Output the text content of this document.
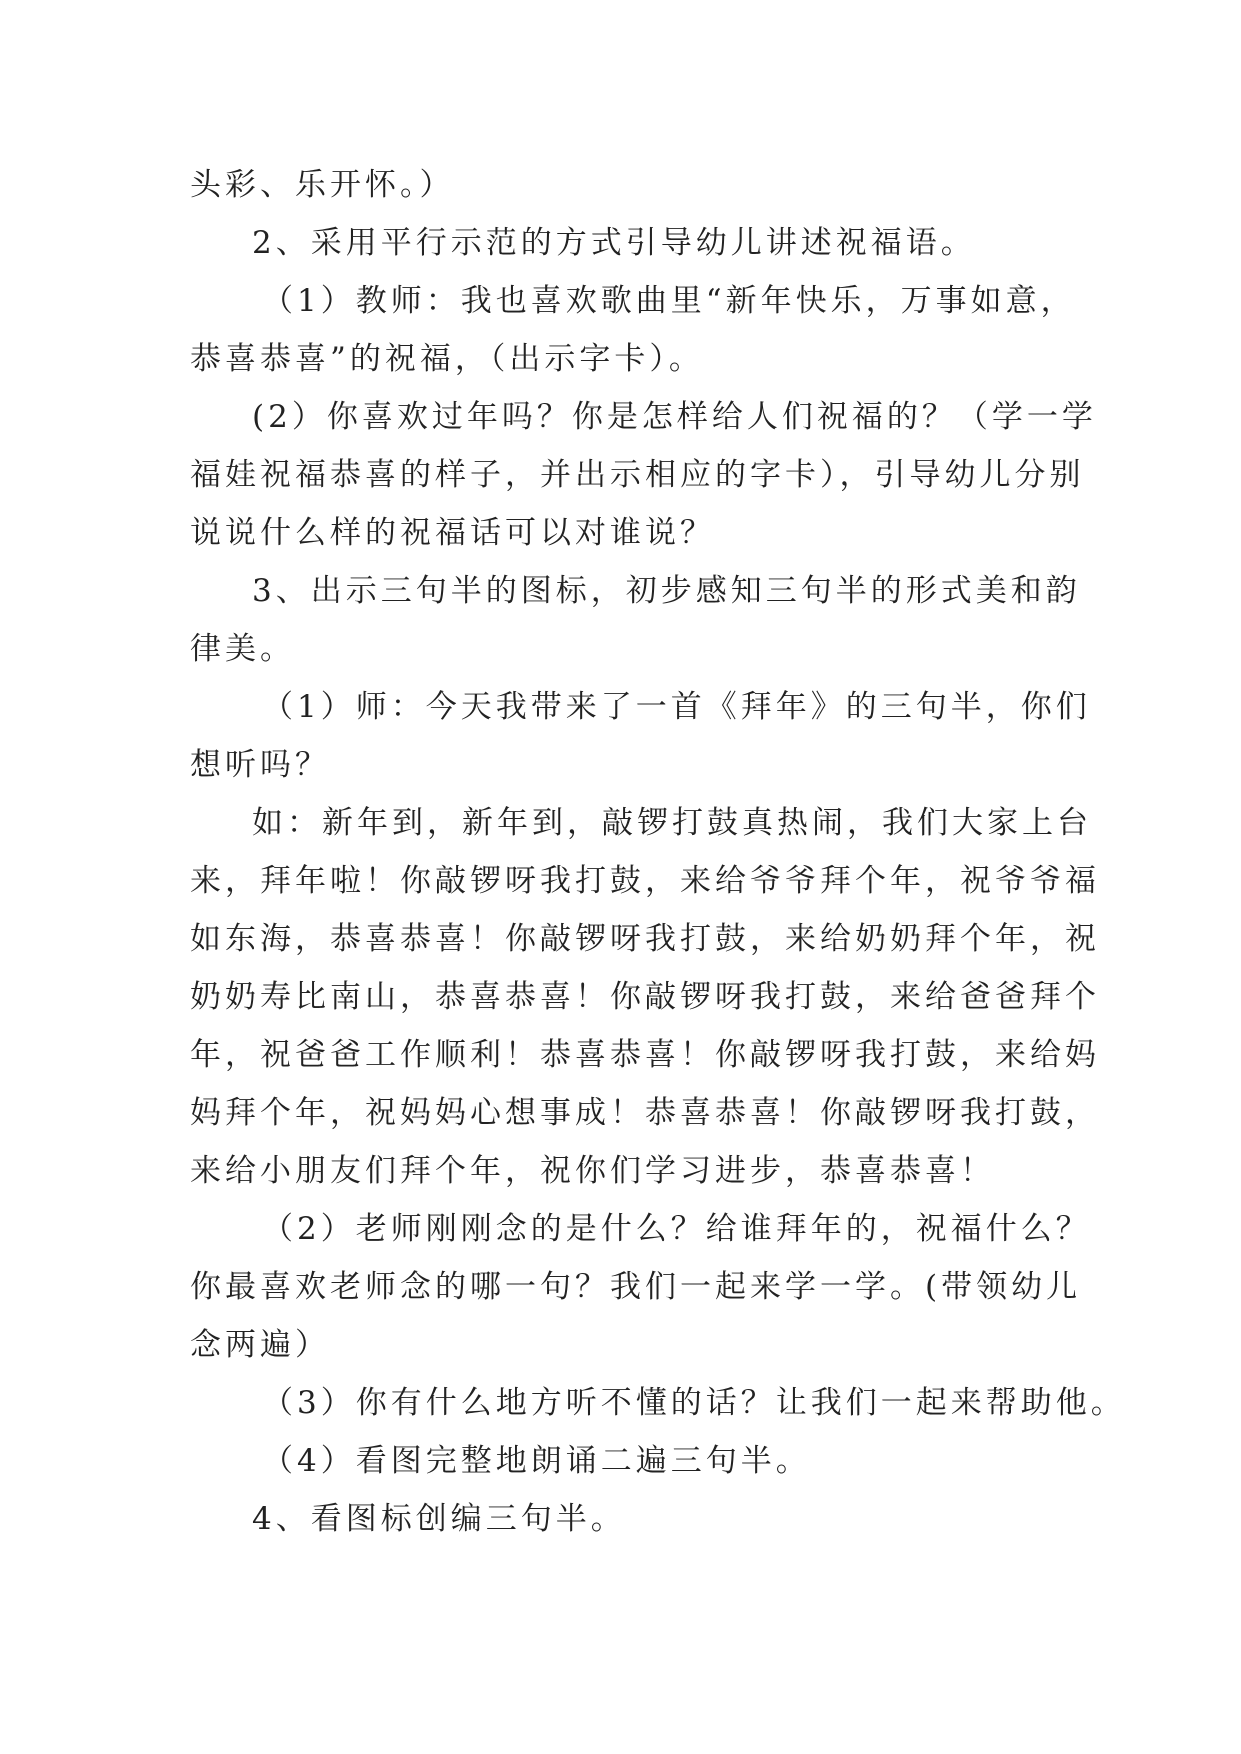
头彩、乐开怀。）

2、采用平行示范的方式引导幼儿讲述祝福语。

（1）教师：我也喜欢歌曲里“新年快乐，万事如意，

恭喜恭喜”的祝福，（出示字卡）。

(2）你喜欢过年吗？你是怎样给人们祝福的？（学一学

福娃祝福恭喜的样子，并出示相应的字卡），引导幼儿分别

说说什么样的祝福话可以对谁说？

3、出示三句半的图标，初步感知三句半的形式美和韵

律美。

（1）师：今天我带来了一首《拜年》的三句半，你们

想听吗？

如：新年到，新年到，敲锣打鼓真热闹，我们大家上台

来，拜年啦！你敲锣呀我打鼓，来给爷爷拜个年，祝爷爷福

如东海，恭喜恭喜！你敲锣呀我打鼓，来给奶奶拜个年，祝

奶奶寿比南山，恭喜恭喜！你敲锣呀我打鼓，来给爸爸拜个

年，祝爸爸工作顺利！恭喜恭喜！你敲锣呀我打鼓，来给妈

妈拜个年，祝妈妈心想事成！恭喜恭喜！你敲锣呀我打鼓，

来给小朋友们拜个年，祝你们学习进步，恭喜恭喜！

（2）老师刚刚念的是什么？给谁拜年的，祝福什么？

你最喜欢老师念的哪一句？我们一起来学一学。(带领幼儿

念两遍）

（3）你有什么地方听不懂的话？让我们一起来帮助他。

（4）看图完整地朗诵二遍三句半。

4、看图标创编三句半。
